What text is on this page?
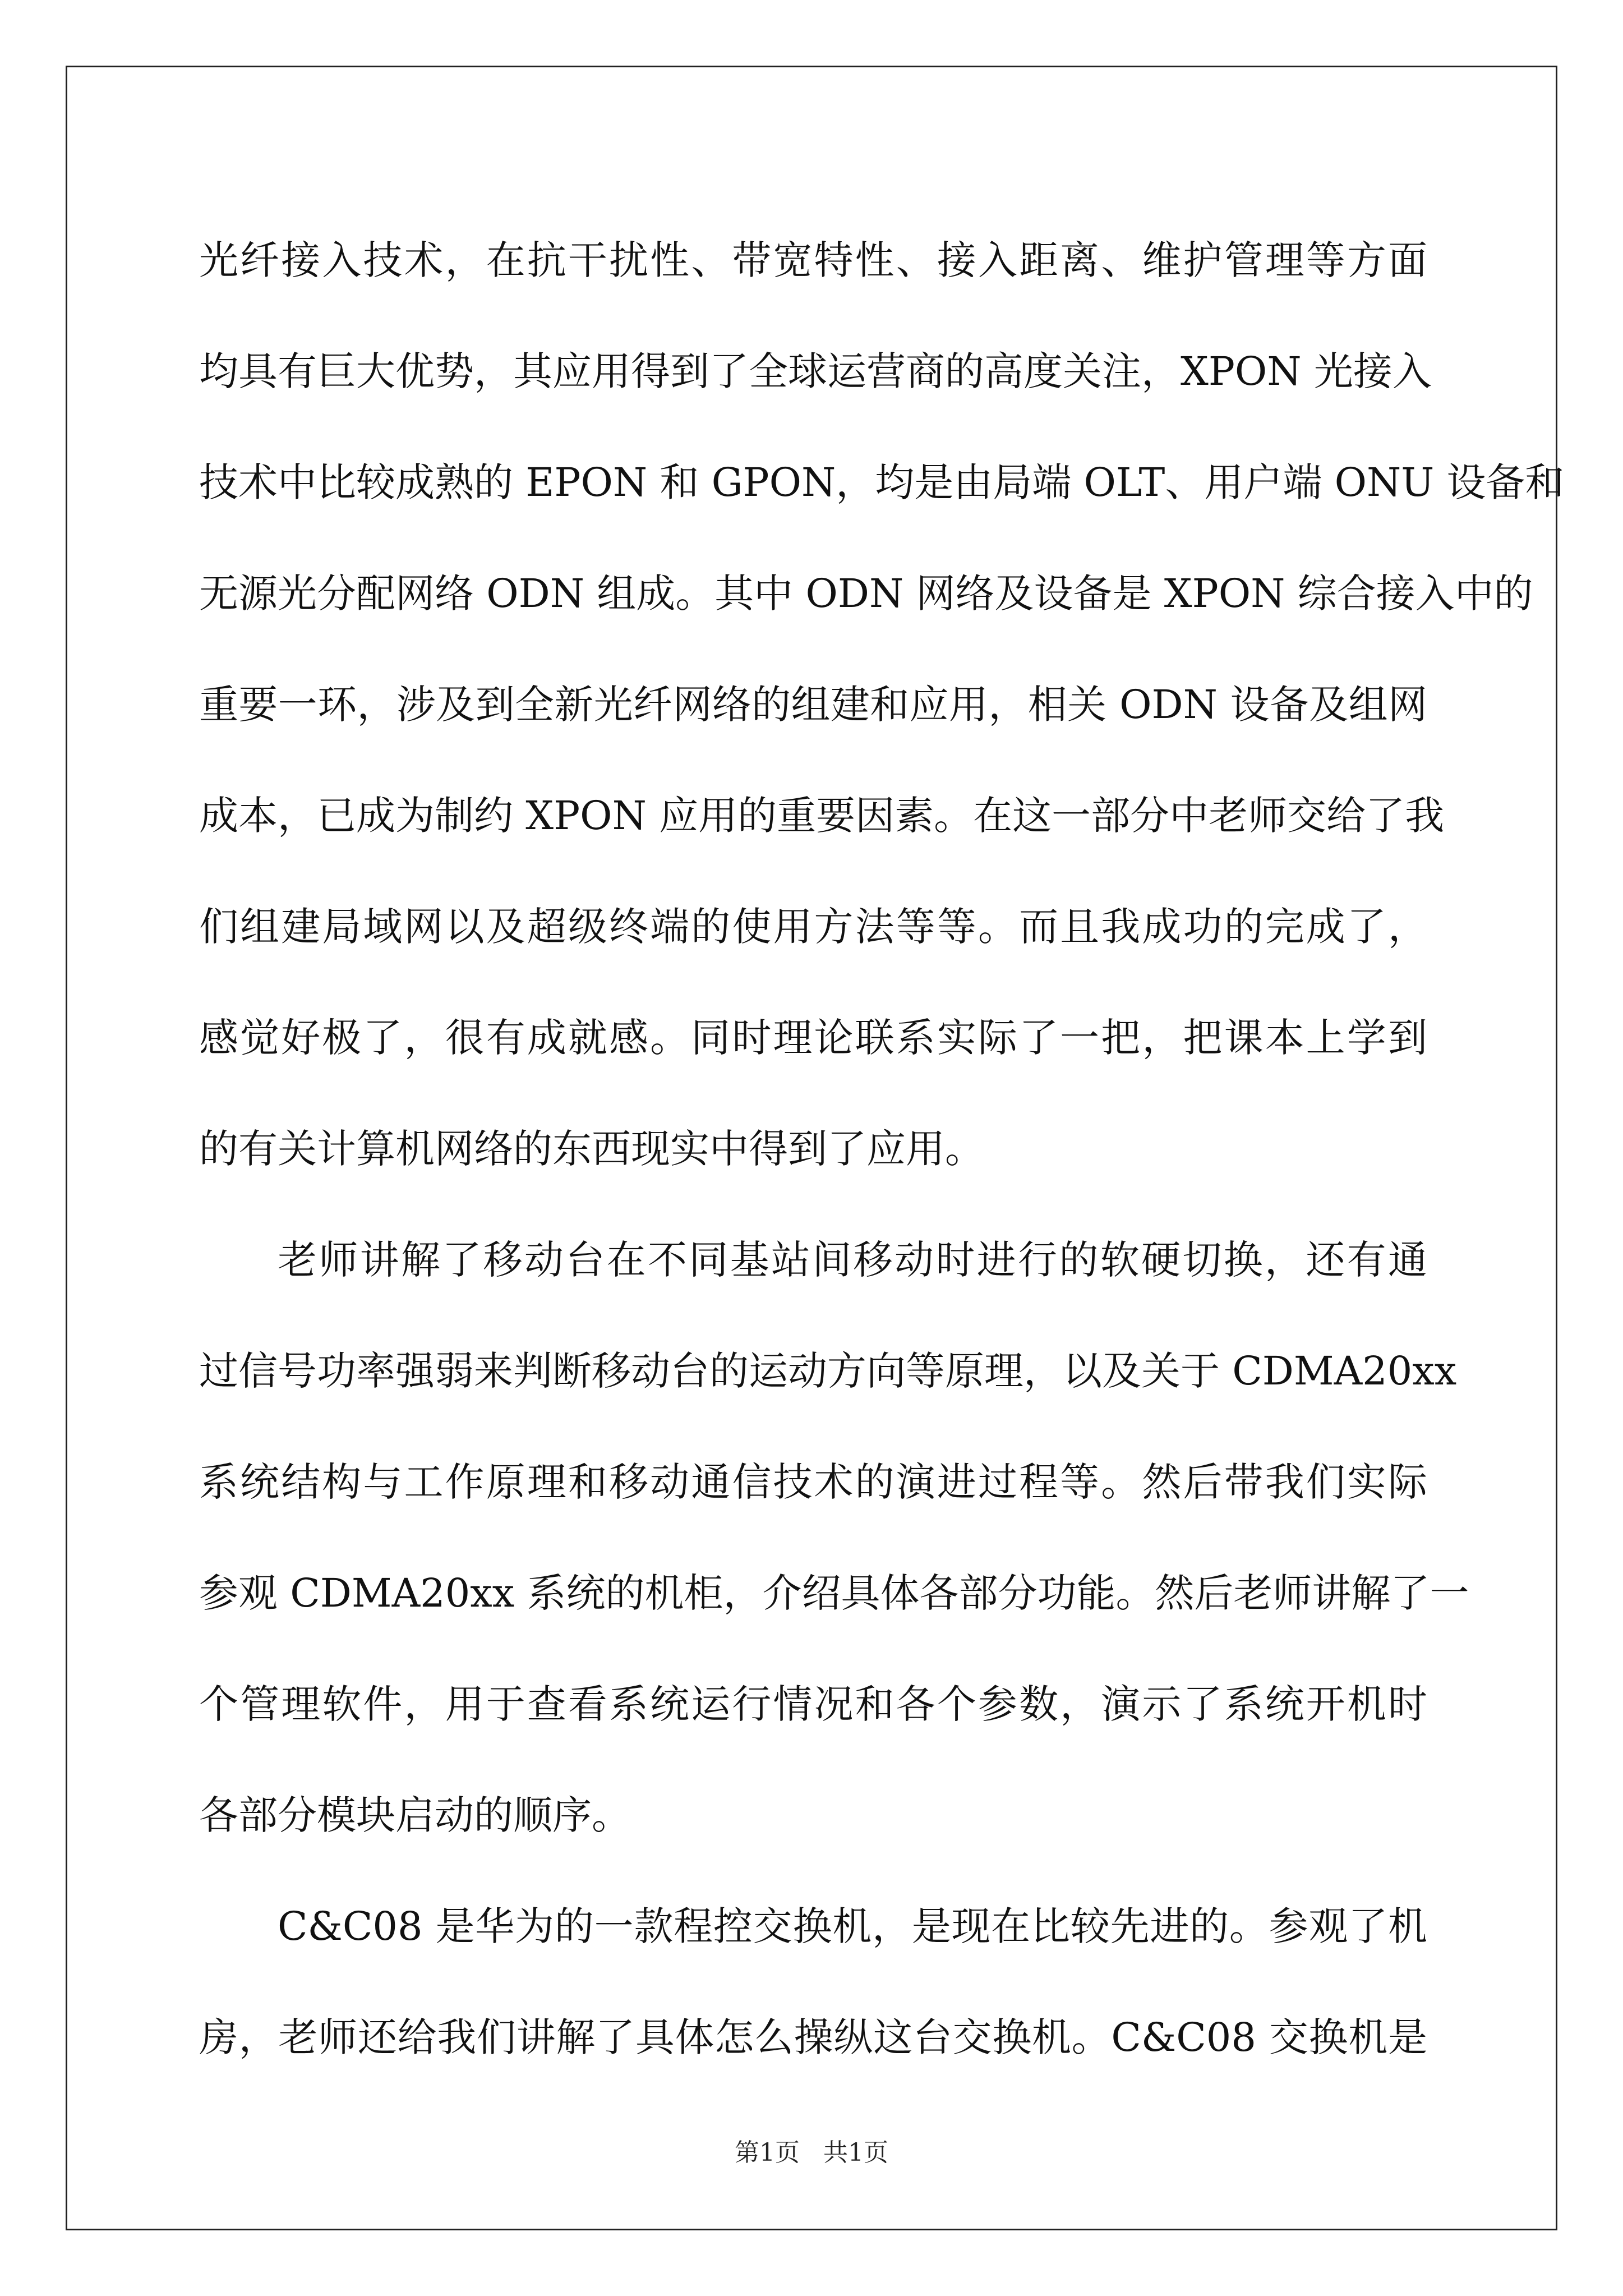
光纤接入技术，在抗干扰性、带宽特性、接入距离、维护管理等方面
均具有巨大优势，其应用得到了全球运营商的高度关注，XPON 光接入
技术中比较成熟的 EPON 和 GPON，均是由局端 OLT、用户端 ONU 设备和
无源光分配网络 ODN 组成。其中 ODN 网络及设备是 XPON 综合接入中的
重要一环，涉及到全新光纤网络的组建和应用，相关 ODN 设备及组网
成本，已成为制约 XPON 应用的重要因素。在这一部分中老师交给了我
们组建局域网以及超级终端的使用方法等等。而且我成功的完成了，
感觉好极了，很有成就感。同时理论联系实际了一把，把课本上学到
的有关计算机网络的东西现实中得到了应用。
老师讲解了移动台在不同基站间移动时进行的软硬切换，还有通
过信号功率强弱来判断移动台的运动方向等原理，以及关于 CDMA20xx
系统结构与工作原理和移动通信技术的演进过程等。然后带我们实际
参观 CDMA20xx 系统的机柜，介绍具体各部分功能。然后老师讲解了一
个管理软件，用于查看系统运行情况和各个参数，演示了系统开机时
各部分模块启动的顺序。
C&C08 是华为的一款程控交换机，是现在比较先进的。参观了机
房，老师还给我们讲解了具体怎么操纵这台交换机。C&C08 交换机是
第1页   共1页
